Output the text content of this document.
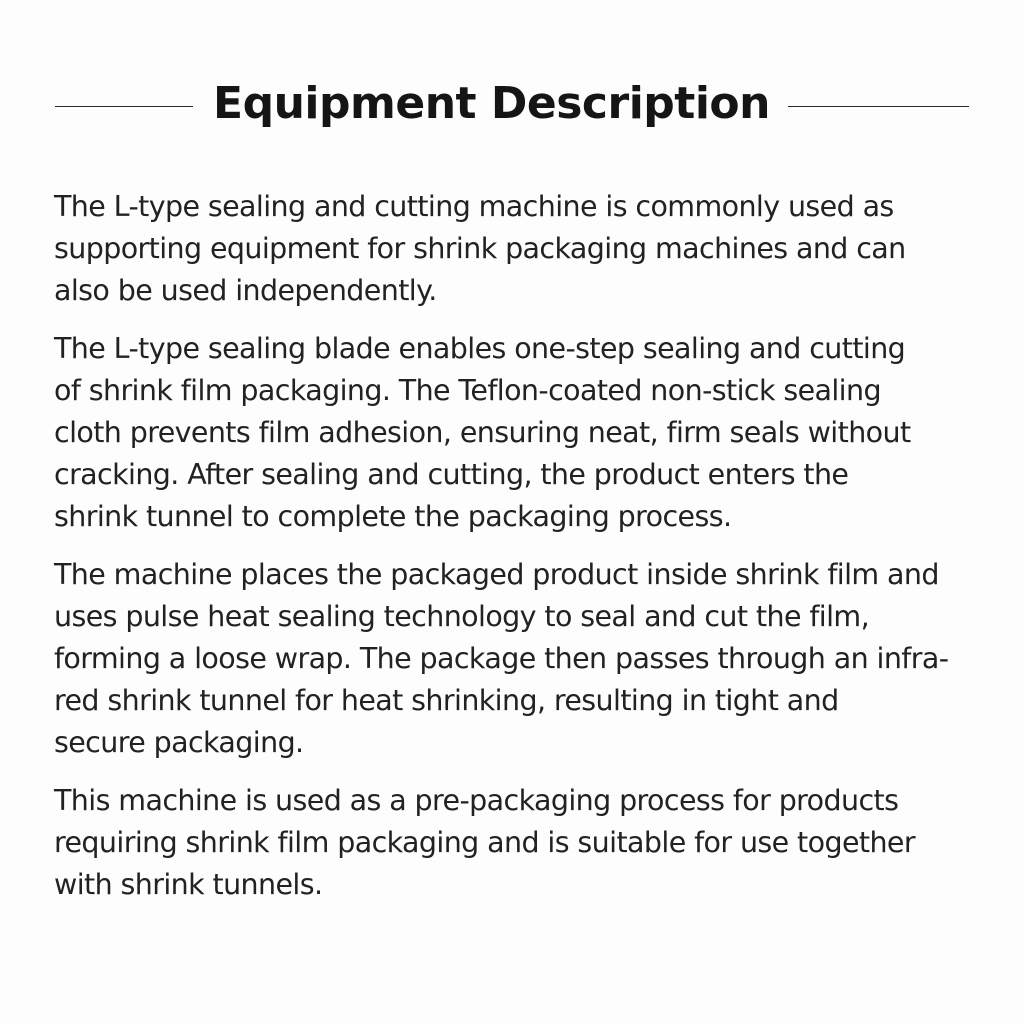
Equipment Description

The L-type sealing and cutting machine is commonly used as
supporting equipment for shrink packaging machines and can
also be used independently.

The L-type sealing blade enables one-step sealing and cutting
of shrink film packaging. The Teflon-coated non-stick sealing
cloth prevents film adhesion, ensuring neat, firm seals without
cracking. After sealing and cutting, the product enters the
shrink tunnel to complete the packaging process.

The machine places the packaged product inside shrink film and
uses pulse heat sealing technology to seal and cut the film,
forming a loose wrap. The package then passes through an infra-
red shrink tunnel for heat shrinking, resulting in tight and
secure packaging.

This machine is used as a pre-packaging process for products
requiring shrink film packaging and is suitable for use together
with shrink tunnels.
